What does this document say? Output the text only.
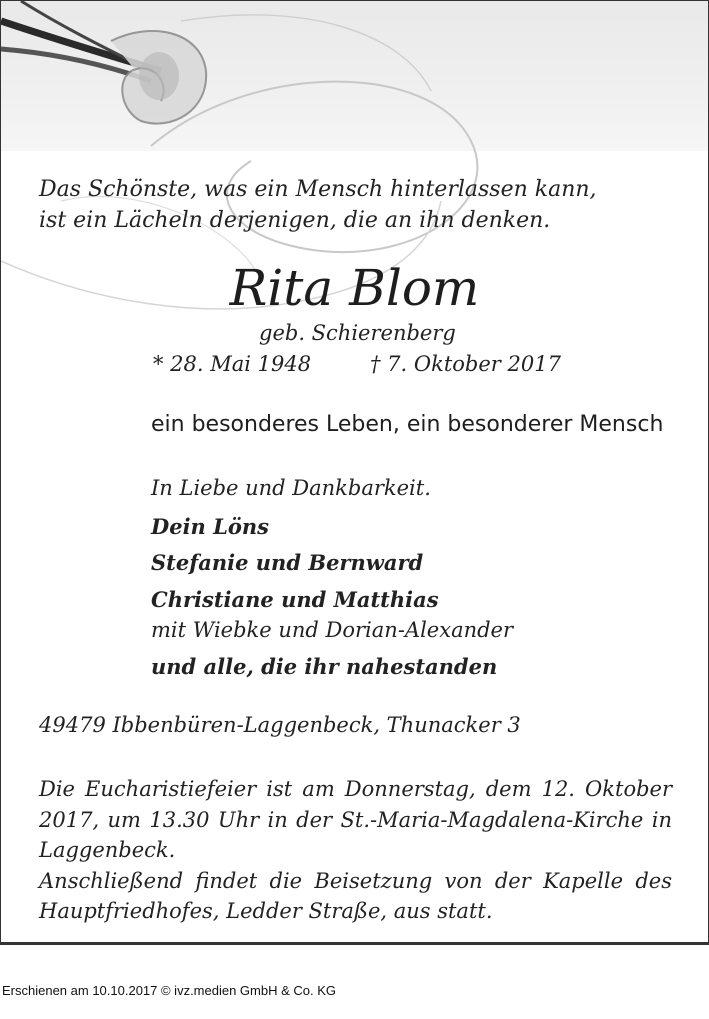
Das Schönste, was ein Mensch hinterlassen kann,
ist ein Lächeln derjenigen, die an ihn denken.
Rita Blom
geb. Schierenberg
* 28. Mai 1948	† 7. Oktober 2017
ein besonderes Leben, ein besonderer Mensch
In Liebe und Dankbarkeit.
Dein Löns
Stefanie und Bernward
Christiane und Matthias
mit Wiebke und Dorian-Alexander
und alle, die ihr nahestanden
49479 Ibbenbüren-Laggenbeck, Thunacker 3

Die Eucharistiefeier ist am Donnerstag, dem 12. Oktober

2017, um 13.30 Uhr in der St.-Maria-Magdalena-Kirche in

Laggenbeck.

Anschließend findet die Beisetzung von der Kapelle des

Hauptfriedhofes, Ledder Straße, aus statt.

Erschienen am 10.10.2017 © ivz.medien GmbH & Co. KG
